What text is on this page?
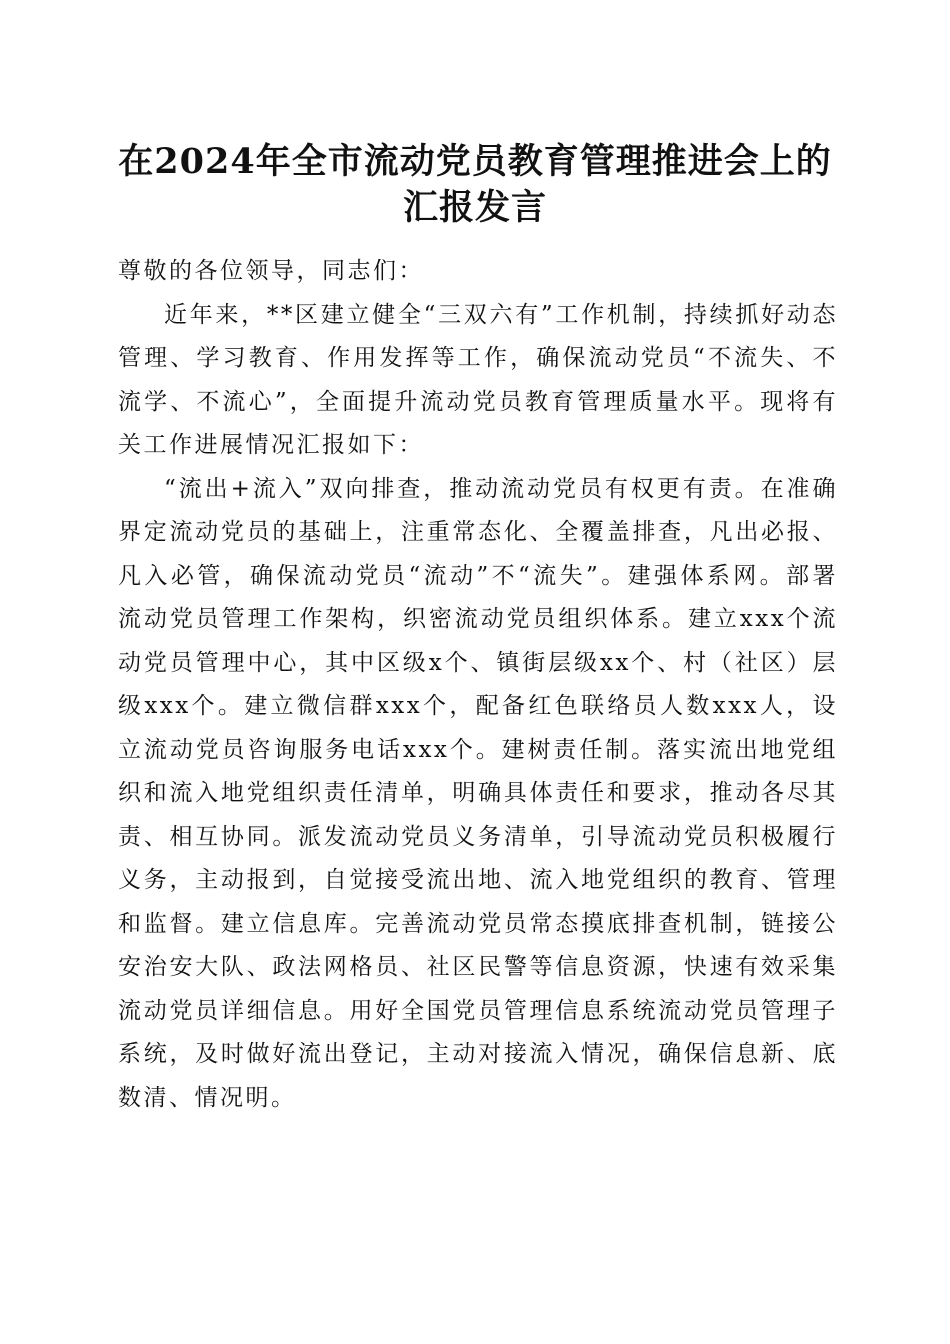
在2024年全市流动党员教育管理推进会上的
汇报发言

尊敬的各位领导，同志们：

近年来，**区建立健全“三双六有”工作机制，持续抓好动态管理、学习教育、作用发挥等工作，确保流动党员“不流失、不流学、不流心”，全面提升流动党员教育管理质量水平。现将有关工作进展情况汇报如下：

“流出+流入”双向排查，推动流动党员有权更有责。在准确界定流动党员的基础上，注重常态化、全覆盖排查，凡出必报、凡入必管，确保流动党员“流动”不“流失”。建强体系网。部署流动党员管理工作架构，织密流动党员组织体系。建立xxx个流动党员管理中心，其中区级x个、镇街层级xx个、村（社区）层级xxx个。建立微信群xxx个，配备红色联络员人数xxx人，设立流动党员咨询服务电话xxx个。建树责任制。落实流出地党组织和流入地党组织责任清单，明确具体责任和要求，推动各尽其责、相互协同。派发流动党员义务清单，引导流动党员积极履行义务，主动报到，自觉接受流出地、流入地党组织的教育、管理和监督。建立信息库。完善流动党员常态摸底排查机制，链接公安治安大队、政法网格员、社区民警等信息资源，快速有效采集流动党员详细信息。用好全国党员管理信息系统流动党员管理子系统，及时做好流出登记，主动对接流入情况，确保信息新、底数清、情况明。
